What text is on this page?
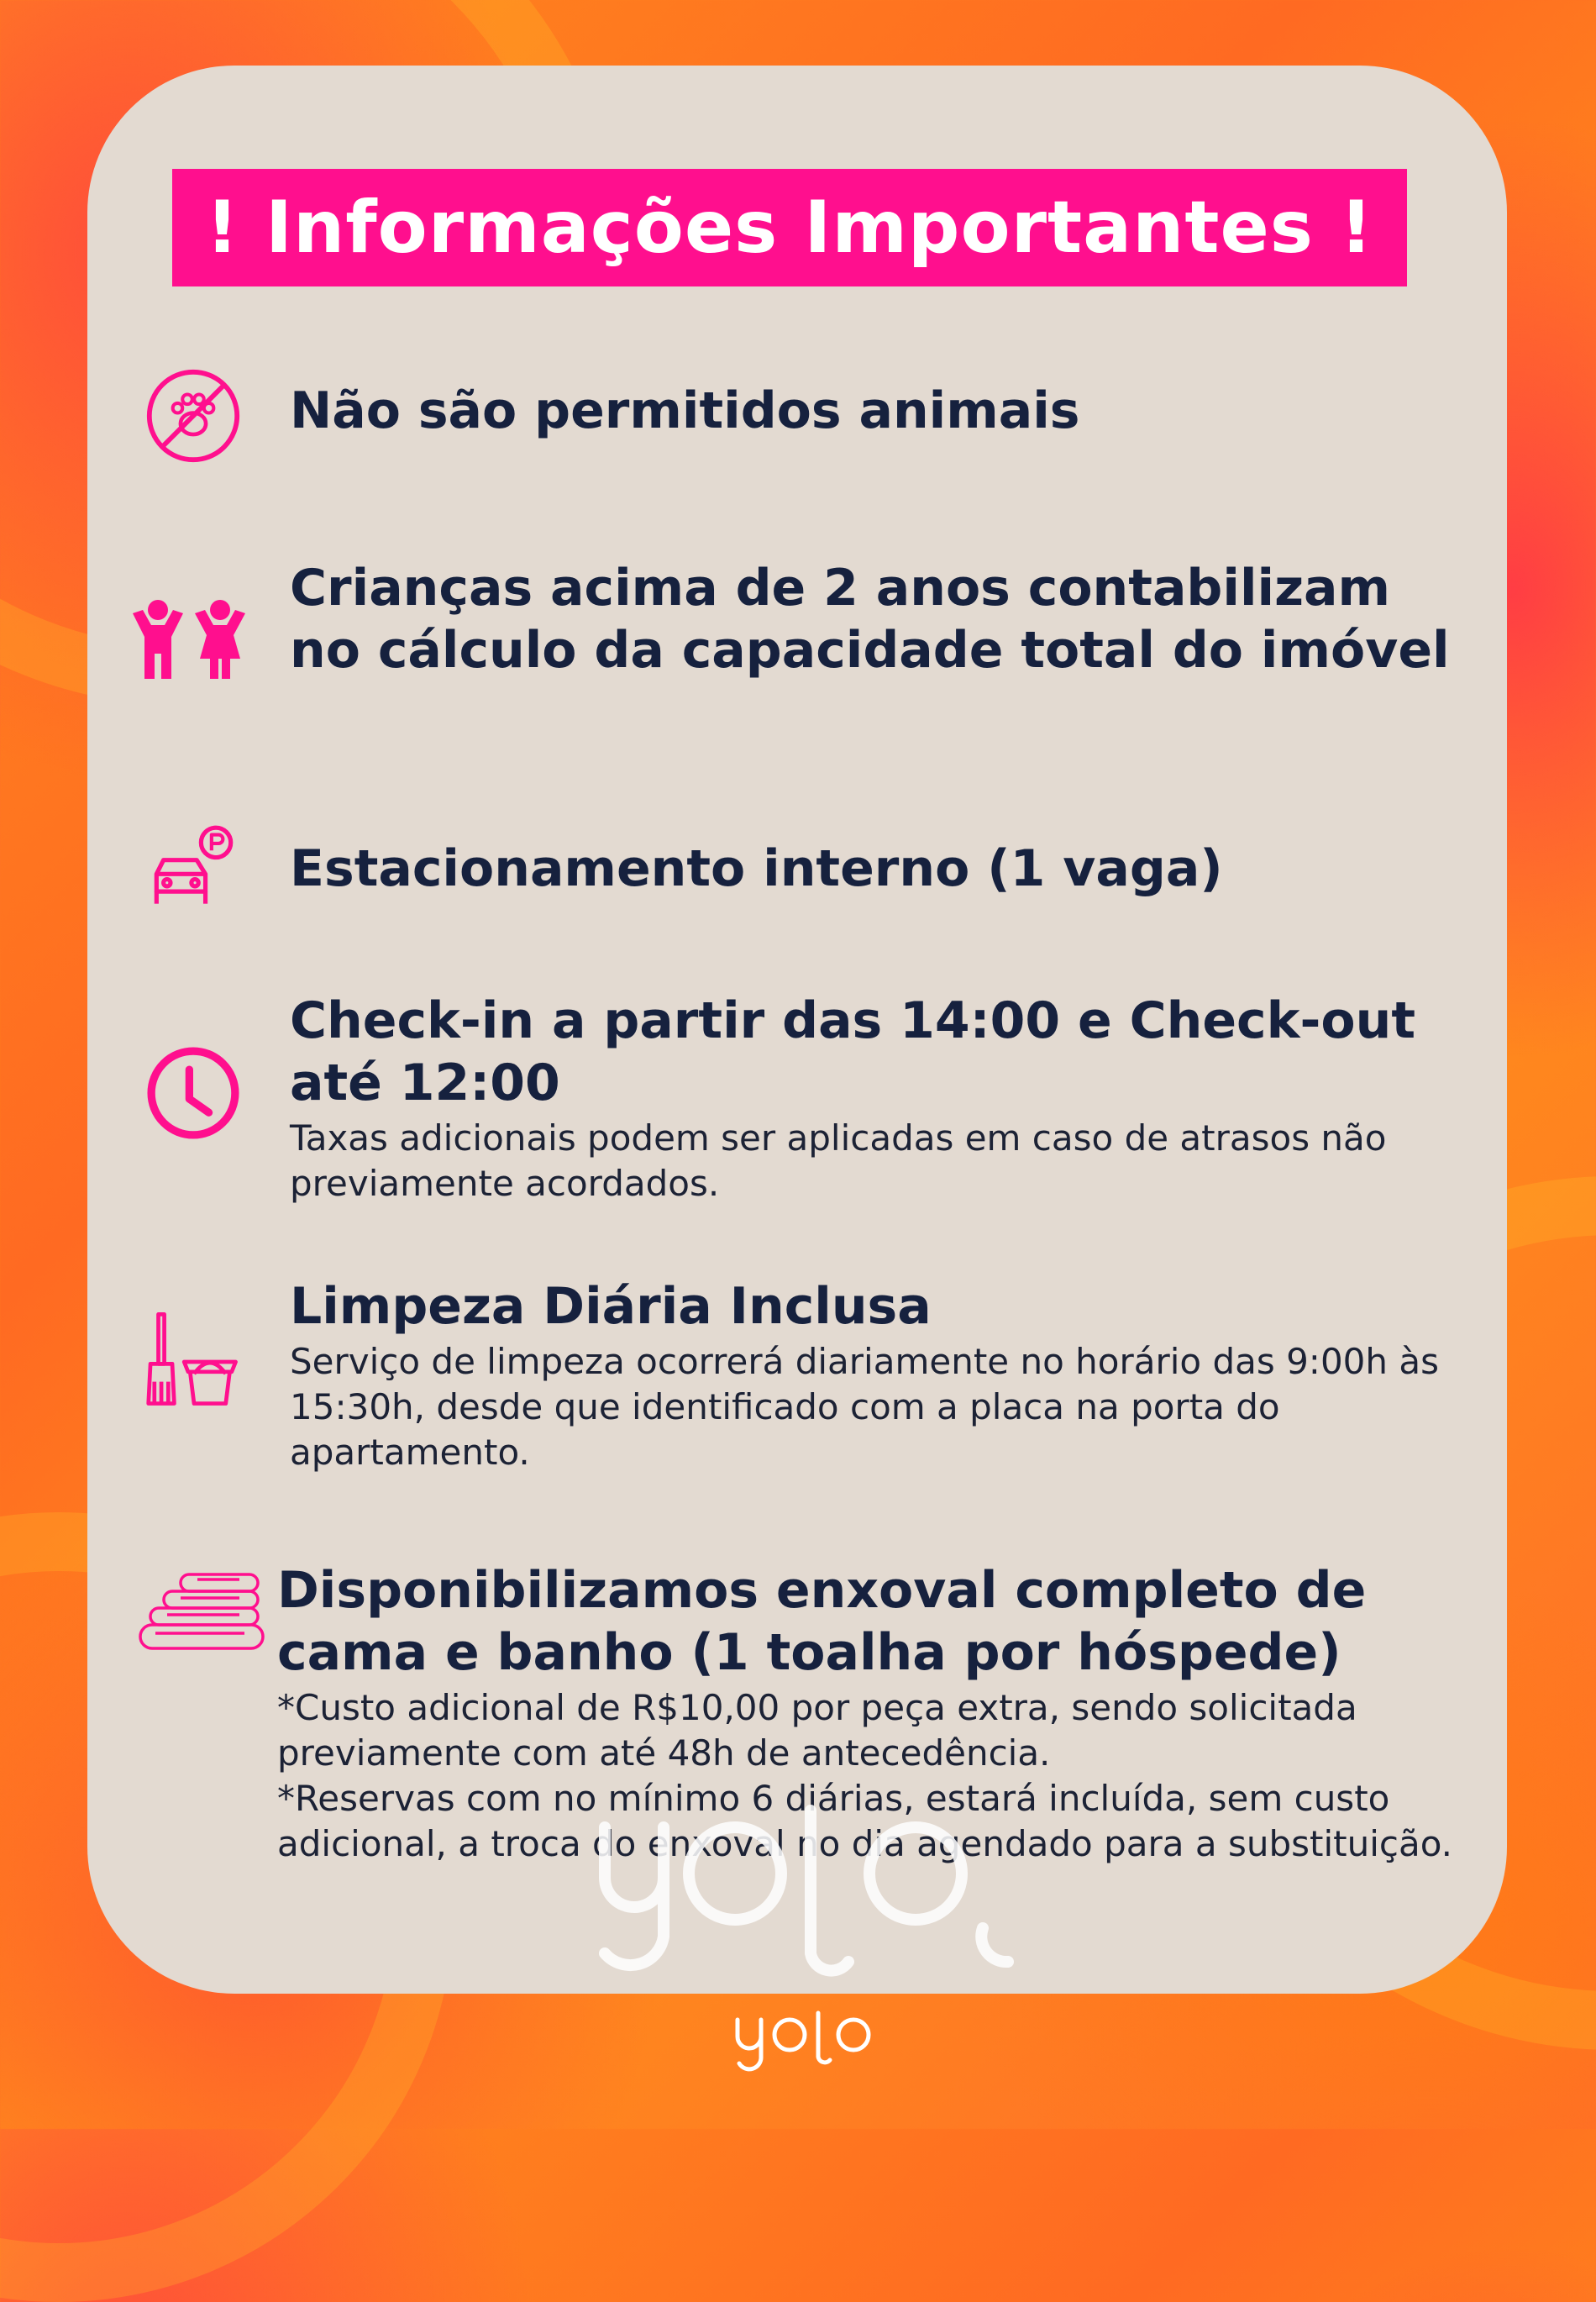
! Informações Importantes !
Não são permitidos animais
Crianças acima de 2 anos contabilizam no cálculo da capacidade total do imóvel
Estacionamento interno (1 vaga)
Check-in a partir das 14:00 e Check-out até 12:00
Taxas adicionais podem ser aplicadas em caso de atrasos não previamente acordados.
Limpeza Diária Inclusa
Serviço de limpeza ocorrerá diariamente no horário das 9:00h às 15:30h, desde que identificado com a placa na porta do apartamento.
Disponibilizamos enxoval completo de cama e banho (1 toalha por hóspede)
*Custo adicional de R$10,00 por peça extra, sendo solicitada previamente com até 48h de antecedência.
*Reservas com no mínimo 6 diárias, estará incluída, sem custo adicional, a troca do enxoval no dia agendado para a substituição.
